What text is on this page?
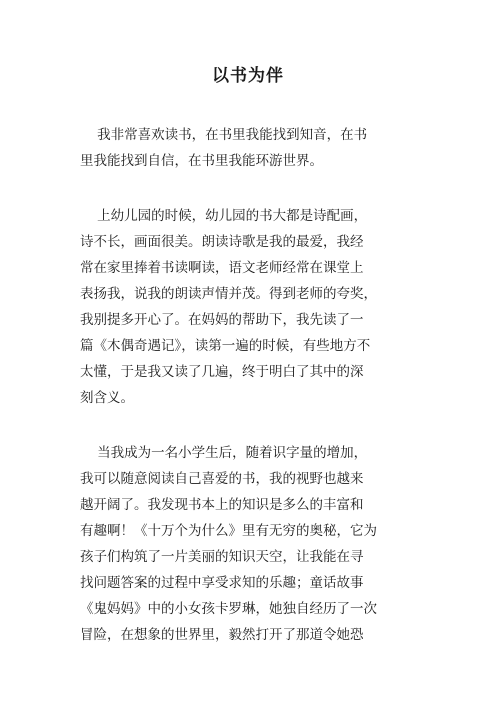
以书为伴
我非常喜欢读书，在书里我能找到知音，在书
里我能找到自信，在书里我能环游世界。
上幼儿园的时候，幼儿园的书大都是诗配画，
诗不长，画面很美。朗读诗歌是我的最爱，我经
常在家里捧着书读啊读，语文老师经常在课堂上
表扬我，说我的朗读声情并茂。得到老师的夸奖，
我别提多开心了。在妈妈的帮助下，我先读了一
篇《木偶奇遇记》，读第一遍的时候，有些地方不
太懂，于是我又读了几遍，终于明白了其中的深
刻含义。
当我成为一名小学生后，随着识字量的增加，
我可以随意阅读自己喜爱的书，我的视野也越来
越开阔了。我发现书本上的知识是多么的丰富和
有趣啊！《十万个为什么》里有无穷的奥秘，它为
孩子们构筑了一片美丽的知识天空，让我能在寻
找问题答案的过程中享受求知的乐趣；童话故事
《鬼妈妈》中的小女孩卡罗琳，她独自经历了一次
冒险，在想象的世界里，毅然打开了那道令她恐
